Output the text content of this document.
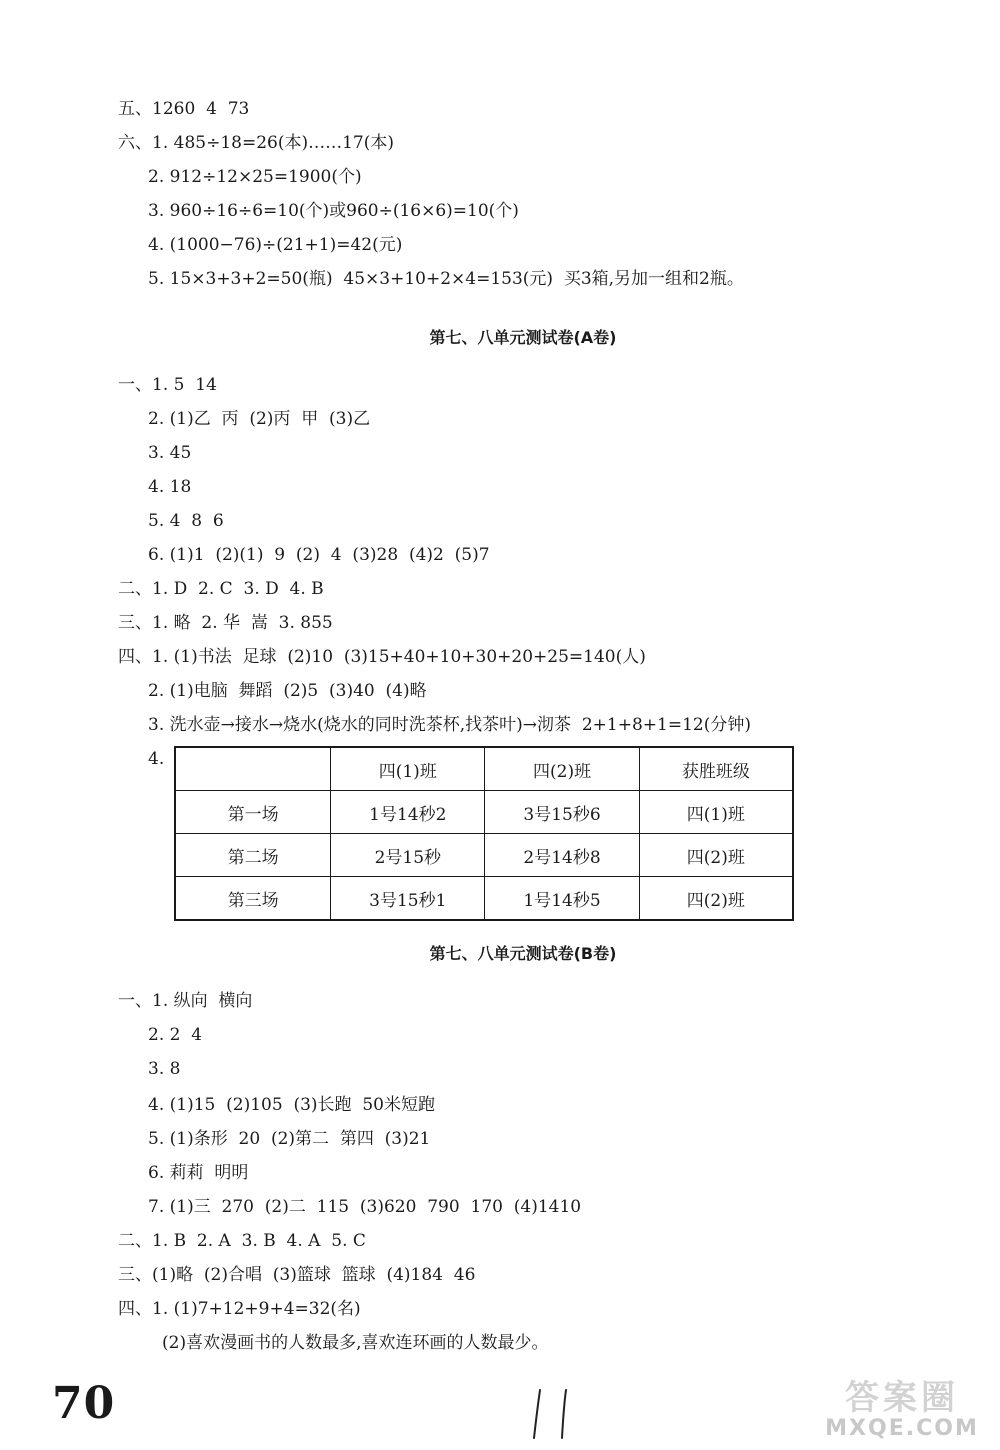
五、1260  4  73
六、1. 485÷18=26(本)……17(本)
2. 912÷12×25=1900(个)
3. 960÷16÷6=10(个)或960÷(16×6)=10(个)
4. (1000−76)÷(21+1)=42(元)
5. 15×3+3+2=50(瓶)  45×3+10+2×4=153(元)  买3箱,另加一组和2瓶。
第七、八单元测试卷(A卷)
一、1. 5  14
2. (1)乙  丙  (2)丙  甲  (3)乙
3. 45
4. 18
5. 4  8  6
6. (1)1  (2)(1)  9  (2)  4  (3)28  (4)2  (5)7
二、1. D  2. C  3. D  4. B
三、1. 略  2. 华  嵩  3. 855
四、1. (1)书法  足球  (2)10  (3)15+40+10+30+20+25=140(人)
2. (1)电脑  舞蹈  (2)5  (3)40  (4)略
3. 洗水壶→接水→烧水(烧水的同时洗茶杯,找茶叶)→沏茶  2+1+8+1=12(分钟)
4.
	四(1)班	四(2)班	获胜班级
第一场	1号14秒2	3号15秒6	四(1)班
第二场	2号15秒	2号14秒8	四(2)班
第三场	3号15秒1	1号14秒5	四(2)班
第七、八单元测试卷(B卷)
一、1. 纵向  横向
2. 2  4
3. 8
4. (1)15  (2)105  (3)长跑  50米短跑
5. (1)条形  20  (2)第二  第四  (3)21
6. 莉莉  明明
7. (1)三  270  (2)二  115  (3)620  790  170  (4)1410
二、1. B  2. A  3. B  4. A  5. C
三、(1)略  (2)合唱  (3)篮球  篮球  (4)184  46
四、1. (1)7+12+9+4=32(名)
(2)喜欢漫画书的人数最多,喜欢连环画的人数最少。
70	答案圈
MXQE.COM
